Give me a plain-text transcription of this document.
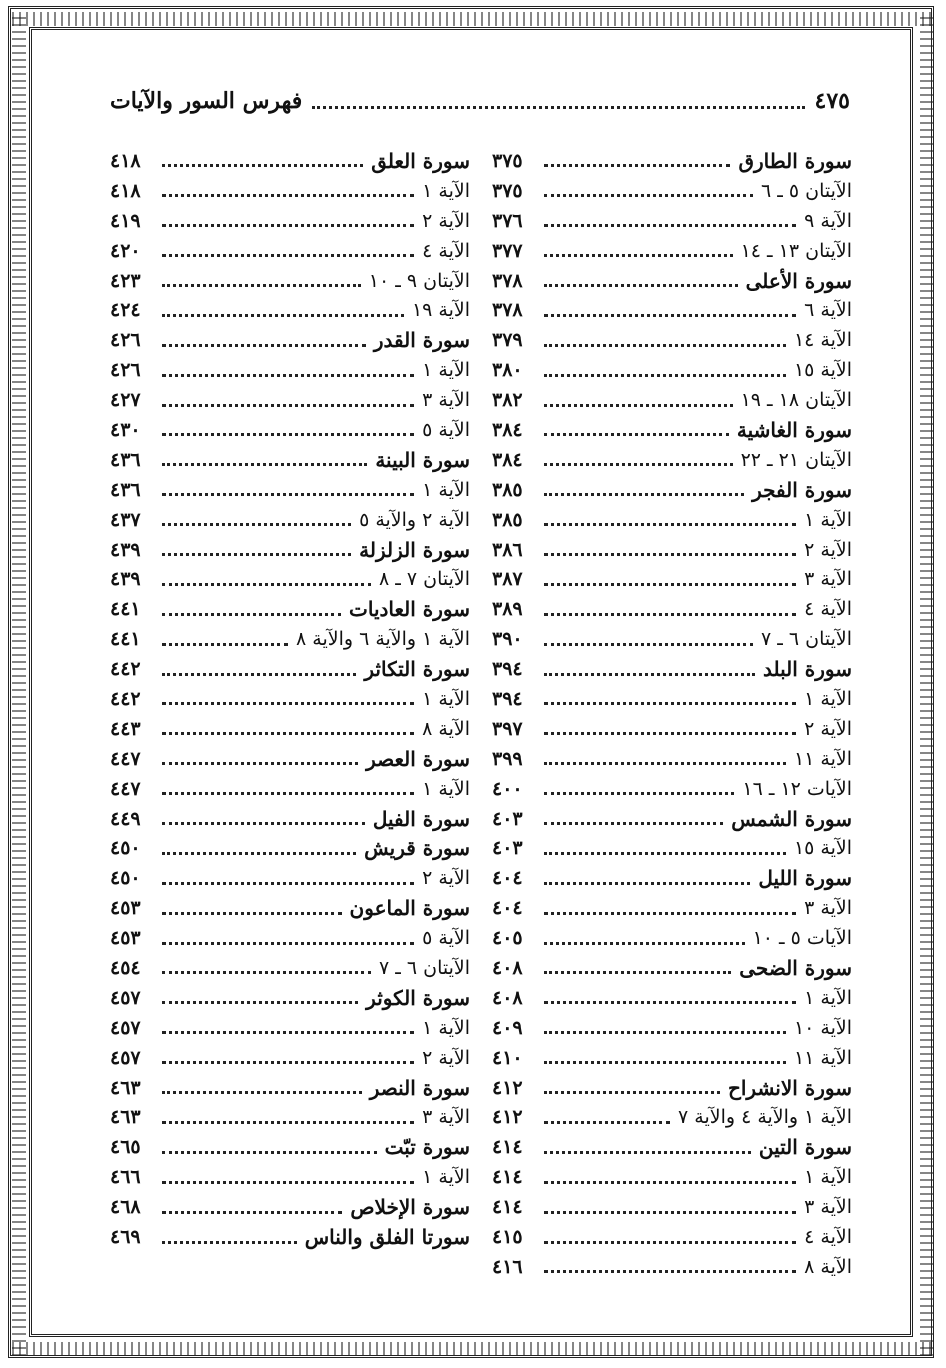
فهرس السور والآيات	٤٧٥
سورة الطارق
٣٧٥
الآيتان ٥ ـ ٦
٣٧٥
الآية ٩
٣٧٦
الآيتان ١٣ ـ ١٤
٣٧٧
سورة الأعلى
٣٧٨
الآية ٦
٣٧٨
الآية ١٤
٣٧٩
الآية ١٥
٣٨٠
الآيتان ١٨ ـ ١٩
٣٨٢
سورة الغاشية
٣٨٤
الآيتان ٢١ ـ ٢٢
٣٨٤
سورة الفجر
٣٨٥
الآية ١
٣٨٥
الآية ٢
٣٨٦
الآية ٣
٣٨٧
الآية ٤
٣٨٩
الآيتان ٦ ـ ٧
٣٩٠
سورة البلد
٣٩٤
الآية ١
٣٩٤
الآية ٢
٣٩٧
الآية ١١
٣٩٩
الآيات ١٢ ـ ١٦
٤٠٠
سورة الشمس
٤٠٣
الآية ١٥
٤٠٣
سورة الليل
٤٠٤
الآية ٣
٤٠٤
الآيات ٥ ـ ١٠
٤٠٥
سورة الضحى
٤٠٨
الآية ١
٤٠٨
الآية ١٠
٤٠٩
الآية ١١
٤١٠
سورة الانشراح
٤١٢
الآية ١ والآية ٤ والآية ٧
٤١٢
سورة التين
٤١٤
الآية ١
٤١٤
الآية ٣
٤١٤
الآية ٤
٤١٥
الآية ٨
٤١٦
سورة العلق
٤١٨
الآية ١
٤١٨
الآية ٢
٤١٩
الآية ٤
٤٢٠
الآيتان ٩ ـ ١٠
٤٢٣
الآية ١٩
٤٢٤
سورة القدر
٤٢٦
الآية ١
٤٢٦
الآية ٣
٤٢٧
الآية ٥
٤٣٠
سورة البينة
٤٣٦
الآية ١
٤٣٦
الآية ٢ والآية ٥
٤٣٧
سورة الزلزلة
٤٣٩
الآيتان ٧ ـ ٨
٤٣٩
سورة العاديات
٤٤١
الآية ١ والآية ٦ والآية ٨
٤٤١
سورة التكاثر
٤٤٢
الآية ١
٤٤٢
الآية ٨
٤٤٣
سورة العصر
٤٤٧
الآية ١
٤٤٧
سورة الفيل
٤٤٩
سورة قريش
٤٥٠
الآية ٢
٤٥٠
سورة الماعون
٤٥٣
الآية ٥
٤٥٣
الآيتان ٦ ـ ٧
٤٥٤
سورة الكوثر
٤٥٧
الآية ١
٤٥٧
الآية ٢
٤٥٧
سورة النصر
٤٦٣
الآية ٣
٤٦٣
سورة تبّت
٤٦٥
الآية ١
٤٦٦
سورة الإخلاص
٤٦٨
سورتا الفلق والناس
٤٦٩
